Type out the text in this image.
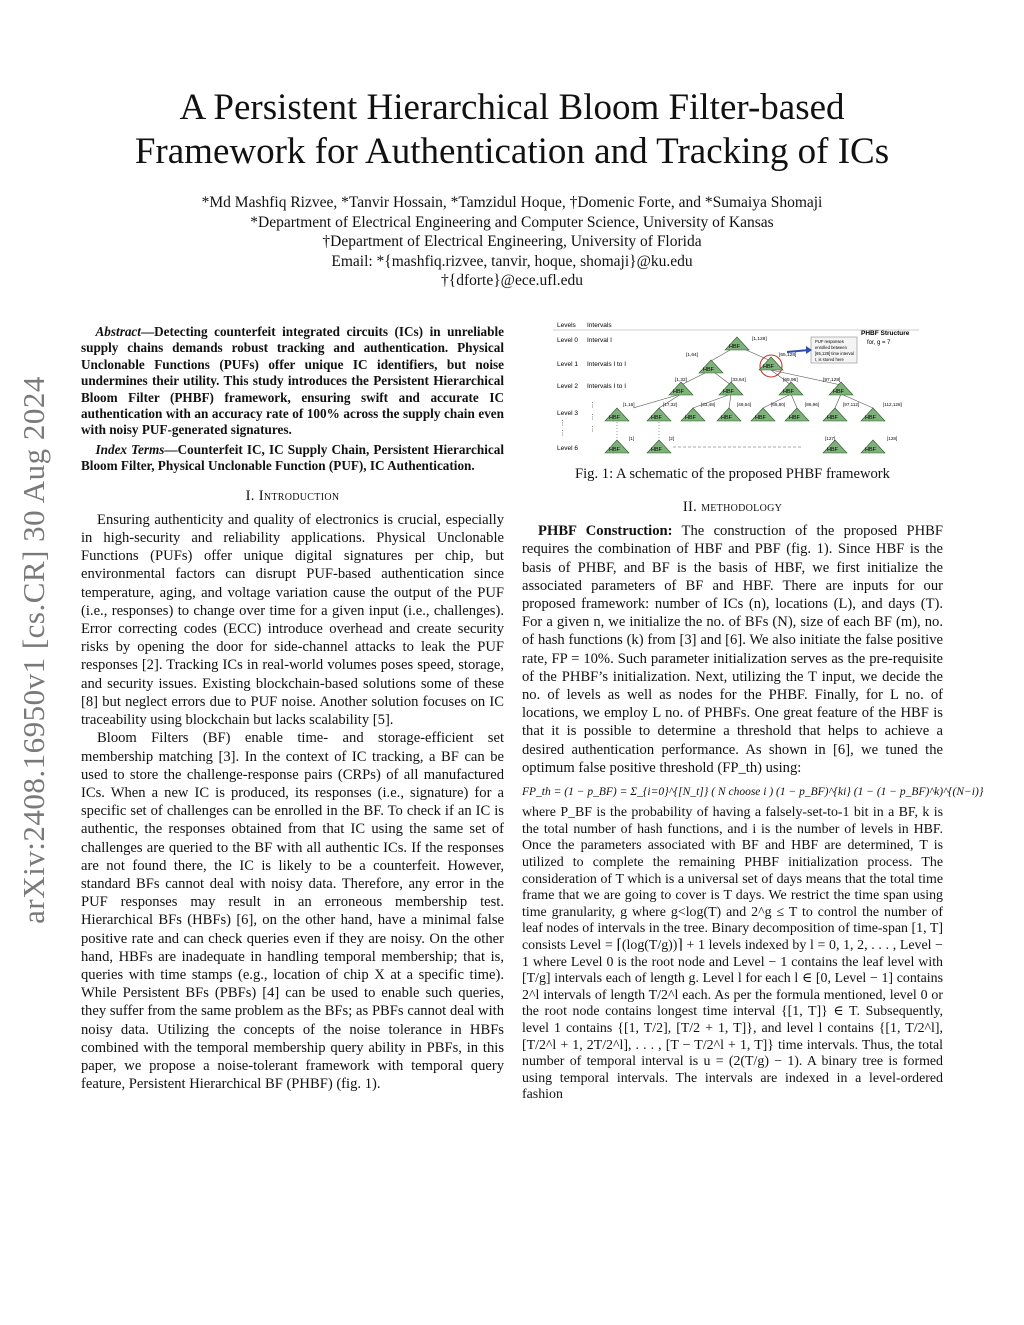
arXiv:2408.16950v1 [cs.CR] 30 Aug 2024
A Persistent Hierarchical Bloom Filter-based
Framework for Authentication and Tracking of ICs
*Md Mashfiq Rizvee, *Tanvir Hossain, *Tamzidul Hoque, †Domenic Forte, and *Sumaiya Shomaji
*Department of Electrical Engineering and Computer Science, University of Kansas
†Department of Electrical Engineering, University of Florida
Email: *{mashfiq.rizvee, tanvir, hoque, shomaji}@ku.edu
†{dforte}@ece.ufl.edu

Abstract—Detecting counterfeit integrated circuits (ICs) in unreliable supply chains demands robust tracking and authentication. Physical Unclonable Functions (PUFs) offer unique IC identifiers, but noise undermines their utility. This study introduces the Persistent Hierarchical Bloom Filter (PHBF) framework, ensuring swift and accurate IC authentication with an accuracy rate of 100% across the supply chain even with noisy PUF-generated signatures.

Index Terms—Counterfeit IC, IC Supply Chain, Persistent Hierarchical Bloom Filter, Physical Unclonable Function (PUF), IC Authentication.

I. Introduction

Ensuring authenticity and quality of electronics is crucial, especially in high-security and reliability applications. Physical Unclonable Functions (PUFs) offer unique digital signatures per chip, but environmental factors can disrupt PUF-based authentication since temperature, aging, and voltage variation cause the output of the PUF (i.e., responses) to change over time for a given input (i.e., challenges). Error correcting codes (ECC) introduce overhead and create security risks by opening the door for side-channel attacks to leak the PUF responses [2]. Tracking ICs in real-world volumes poses speed, storage, and security issues. Existing blockchain-based solutions some of these [8] but neglect errors due to PUF noise. Another solution focuses on IC traceability using blockchain but lacks scalability [5].

Bloom Filters (BF) enable time- and storage-efficient set membership matching [3]. In the context of IC tracking, a BF can be used to store the challenge-response pairs (CRPs) of all manufactured ICs. When a new IC is produced, its responses (i.e., signature) for a specific set of challenges can be enrolled in the BF. To check if an IC is authentic, the responses obtained from that IC using the same set of challenges are queried to the BF with all authentic ICs. If the responses are not found there, the IC is likely to be a counterfeit. However, standard BFs cannot deal with noisy data. Therefore, any error in the PUF responses may result in an erroneous membership test. Hierarchical BFs (HBFs) [6], on the other hand, have a minimal false positive rate and can check queries even if they are noisy. On the other hand, HBFs are inadequate in handling temporal membership; that is, queries with time stamps (e.g., location of chip X at a specific time). While Persistent BFs (PBFs) [4] can be used to enable such queries, they suffer from the same problem as the BFs; as PBFs cannot deal with noisy data. Utilizing the concepts of the noise tolerance in HBFs combined with the temporal membership query ability in PBFs, in this paper, we propose a noise-tolerant framework with temporal query feature, Persistent Hierarchical BF (PHBF) (fig. 1).

Levels Intervals
Level 0
Level 1
Level 2
Level 3
Level 6
⋮
⋮
Interval I
Intervals I to I
Intervals I to I
⋮
⋮
⋮
PHBF Structure
for, g = 7
PUF responses
enrolled between
[65,128] time interval
I, is stored here
HBF
[1,128]
HBF
[1,64]
HBF
[65,128]
HBF
[1,32]
HBF
[33,64]
HBF
[65,96]
HBF
[97,128]
HBF
[1,16]
HBF
[17,32]
HBF
[33,48]
HBF
[49,64]
HBF
[65,80]
HBF
[86,96]
HBF
[97,112]
HBF
[112,128]
HBF
[1]
HBF
[2]
HBF
[127]
HBF
[128]
Fig. 1: A schematic of the proposed PHBF framework
II. methodology

PHBF Construction: The construction of the proposed PHBF requires the combination of HBF and PBF (fig. 1). Since HBF is the basis of PHBF, and BF is the basis of HBF, we first initialize the associated parameters of BF and HBF. There are inputs for our proposed framework: number of ICs (n), locations (L), and days (T). For a given n, we initialize the no. of BFs (N), size of each BF (m), no. of hash functions (k) from [3] and [6]. We also initiate the false positive rate, FP = 10%. Such parameter initialization serves as the pre-requisite of the PHBF’s initialization. Next, utilizing the T input, we decide the no. of levels as well as nodes for the PHBF. Finally, for L no. of locations, we employ L no. of PHBFs. One great feature of the HBF is that it is possible to determine a threshold that helps to achieve a desired authentication performance. As shown in [6], we tuned the optimum false positive threshold (FP_th) using:

FP_th = (1 − p_BF) = Σ_{i=0}^{[N_t]} ( N choose i ) (1 − p_BF)^{ki} (1 − (1 − p_BF)^k)^{(N−i)}

where P_BF is the probability of having a falsely-set-to-1 bit in a BF, k is the total number of hash functions, and i is the number of levels in HBF. Once the parameters associated with BF and HBF are determined, T is utilized to complete the remaining PHBF initialization process. The consideration of T which is a universal set of days means that the total time frame that we are going to cover is T days. We restrict the time span using time granularity, g where g<log(T) and 2^g ≤ T to control the number of leaf nodes of intervals in the tree. Binary decomposition of time-span [1, T] consists Level = ⌈(log(T/g))⌉ + 1 levels indexed by l = 0, 1, 2, . . . , Level − 1 where Level 0 is the root node and Level − 1 contains the leaf level with [T/g] intervals each of length g. Level l for each l ∈ [0, Level − 1] contains 2^l intervals of length T/2^l each. As per the formula mentioned, level 0 or the root node contains longest time interval {[1, T]} ∈ T. Subsequently, level 1 contains {[1, T/2], [T/2 + 1, T]}, and level l contains {[1, T/2^l], [T/2^l + 1, 2T/2^l], . . . , [T − T/2^l + 1, T]} time intervals. Thus, the total number of temporal interval is u = (2(T/g) − 1). A binary tree is formed using temporal intervals. The intervals are indexed in a level-ordered fashion
